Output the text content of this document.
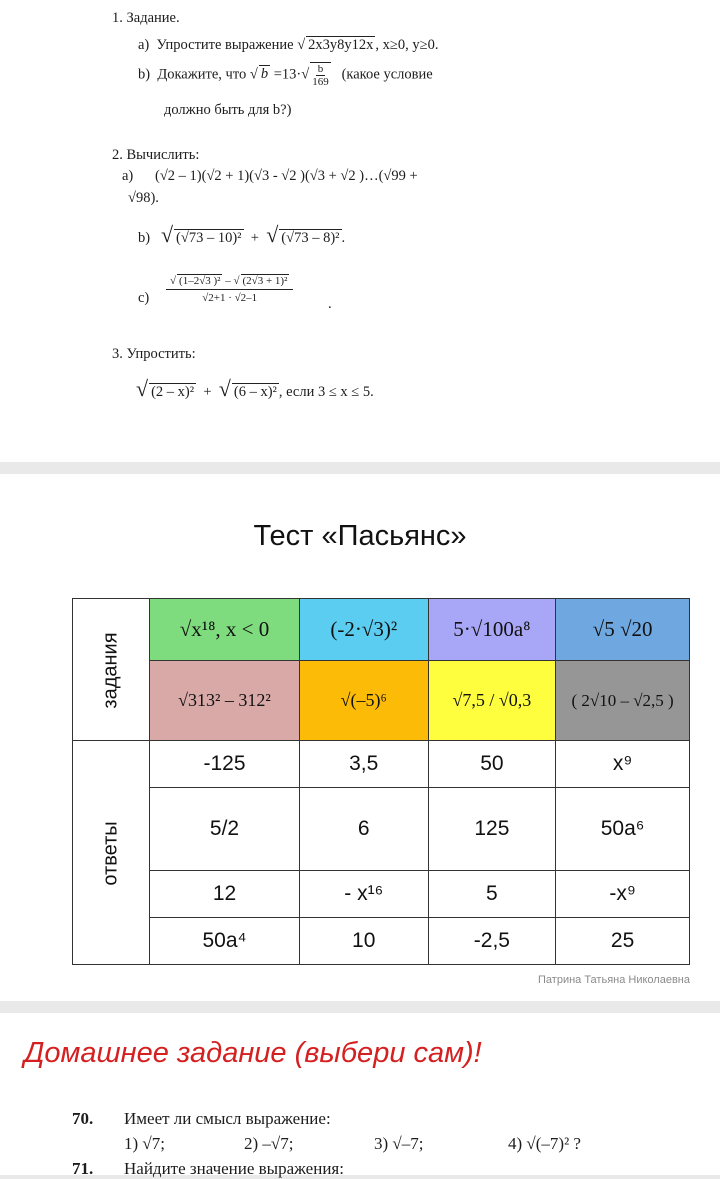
1. Задание.
a) Упростите выражение √ 2x3y8y12x , x≥0, y≥0.
b) Докажите, что √ $b =13\cdot√ \frac{b}{169}$ (какое условие
должно быть для b?)
2. Вычислить:
a) (√2 – 1)(√2 + 1)(√3 - √2 )(√3 + √2 )…(√99 +
√98).
b) √ (√73 – 10)² + √ (√73 – 8)² .
$c) \frac{\text{√ (1–2√3 )² – √ (2√3 + 1)²}}{√2+1 \cdot √2-1}$ .
3. Упростить:
√ (2 – x)² + √ (6 – x)² , если 3 ≤ x ≤ 5.
Тест «Пасьянс»
задания	√x¹⁸, x < 0	(-2·√3)²	5·√100a⁸	√5 √20
	√313² – 312²	√(–5)⁶	√7,5 / √0,3	( 2√10 – √2,5 )
ответы	-125	3,5	50	x⁹
	5/2	6	125	50a⁶
	12	- x¹⁶	5	-x⁹
	50a⁴	10	-2,5	25
Патрина Татьяна Николаевна
Домашнее задание (выбери сам)!
70. Имеет ли смысл выражение:
1) √7;	2) –√7;	3) √–7;	4) √(–7)² ?
71. Найдите значение выражения:
